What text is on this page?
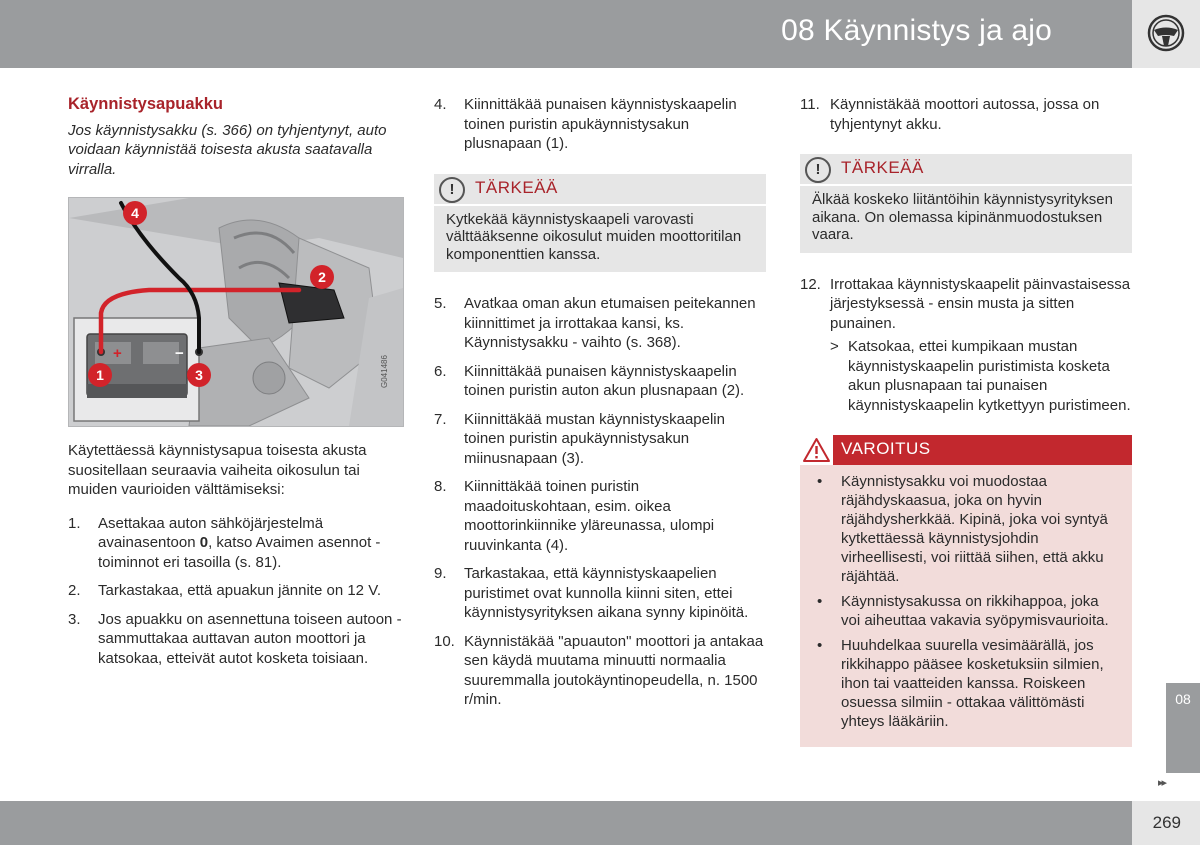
08 Käynnistys ja ajo
Käynnistysapuakku
Jos käynnistysakku (s. 366) on tyhjentynyt, auto voidaan käynnistää toisesta akusta saatavalla virralla.
+	−
1
2
3
4
G041486
Käytettäessä käynnistysapua toisesta akusta suositellaan seuraavia vaiheita oikosulun tai muiden vaurioiden välttämiseksi:
1. Asettakaa auton sähköjärjestelmä avainasentoon 0, katso Avaimen asennot - toiminnot eri tasoilla (s. 81).
2. Tarkastakaa, että apuakun jännite on 12 V.
3. Jos apuakku on asennettuna toiseen autoon - sammuttakaa auttavan auton moottori ja katsokaa, etteivät autot kosketa toisiaan.
4. Kiinnittäkää punaisen käynnistyskaapelin toinen puristin apukäynnistysakun plusnapaan (1).
!	TÄRKEÄÄ
Kytkekää käynnistyskaapeli varovasti välttääksenne oikosulut muiden moottoritilan komponenttien kanssa.
5. Avatkaa oman akun etumaisen peitekannen kiinnittimet ja irrottakaa kansi, ks. Käynnistysakku - vaihto (s. 368).
6. Kiinnittäkää punaisen käynnistyskaapelin toinen puristin auton akun plusnapaan (2).
7. Kiinnittäkää mustan käynnistyskaapelin toinen puristin apukäynnistysakun miinusnapaan (3).
8. Kiinnittäkää toinen puristin maadoituskohtaan, esim. oikea moottorinkiinnike yläreunassa, ulompi ruuvinkanta (4).
9. Tarkastakaa, että käynnistyskaapelien puristimet ovat kunnolla kiinni siten, ettei käynnistysyrityksen aikana synny kipinöitä.
10. Käynnistäkää "apuauton" moottori ja antakaa sen käydä muutama minuutti normaalia suuremmalla joutokäyntinopeudella, n. 1500 r/min.
11. Käynnistäkää moottori autossa, jossa on tyhjentynyt akku.
!	TÄRKEÄÄ
Älkää koskeko liitäntöihin käynnistysyrityksen aikana. On olemassa kipinänmuodostuksen vaara.
12. Irrottakaa käynnistyskaapelit päinvastaisessa järjestyksessä - ensin musta ja sitten punainen.
> Katsokaa, ettei kumpikaan mustan käynnistyskaapelin puristimista kosketa akun plusnapaan tai punaisen käynnistyskaapelin kytkettyyn puristimeen.
VAROITUS
• Käynnistysakku voi muodostaa räjähdyskaasua, joka on hyvin räjähdysherkkää. Kipinä, joka voi syntyä kytkettäessä käynnistysjohdin virheellisesti, voi riittää siihen, että akku räjähtää.
• Käynnistysakussa on rikkihappoa, joka voi aiheuttaa vakavia syöpymisvaurioita.
• Huuhdelkaa suurella vesimäärällä, jos rikkihappo pääsee kosketuksiin silmien, ihon tai vaatteiden kanssa. Roiskeen osuessa silmiin - ottakaa välittömästi yhteys lääkäriin.
08
▸▸
269
